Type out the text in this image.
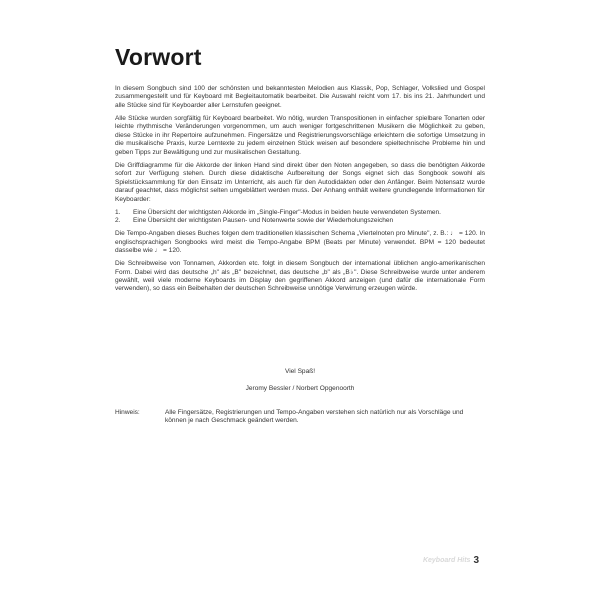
Vorwort

In diesem Songbuch sind 100 der schönsten und bekanntesten Melodien aus Klassik, Pop, Schlager, Volkslied und Gospel zusammengestellt und für Keyboard mit Begleitautomatik bearbeitet. Die Auswahl reicht vom 17. bis ins 21. Jahrhundert und alle Stücke sind für Keyboarder aller Lernstufen geeignet.

Alle Stücke wurden sorgfältig für Keyboard bearbeitet. Wo nötig, wurden Transpositionen in einfacher spielbare Tonarten oder leichte rhythmische Veränderungen vorgenommen, um auch weniger fortgeschrittenen Musikern die Möglichkeit zu geben, diese Stücke in ihr Repertoire aufzunehmen. Fingersätze und Registrierungsvorschläge erleichtern die sofortige Umsetzung in die musikalische Praxis, kurze Lerntexte zu jedem einzelnen Stück weisen auf besondere spieltechnische Probleme hin und geben Tipps zur Bewältigung und zur musikalischen Gestaltung.

Die Griffdiagramme für die Akkorde der linken Hand sind direkt über den Noten angegeben, so dass die benötigten Akkorde sofort zur Verfügung stehen. Durch diese didaktische Aufbereitung der Songs eignet sich das Songbook sowohl als Spielstücksammlung für den Einsatz im Unterricht, als auch für den Autodidakten oder den Anfänger. Beim Notensatz wurde darauf geachtet, dass möglichst selten umgeblättert werden muss. Der Anhang enthält weitere grundlegende Informationen für Keyboarder:

1.	Eine Übersicht der wichtigsten Akkorde im „Single-Finger"-Modus in beiden heute verwendeten Systemen.
2.	Eine Übersicht der wichtigsten Pausen- und Notenwerte sowie der Wiederholungszeichen

Die Tempo-Angaben dieses Buches folgen dem traditionellen klassischen Schema „Viertelnoten pro Minute", z. B.: ♩ = 120. In englischsprachigen Songbooks wird meist die Tempo-Angabe BPM (Beats per Minute) verwendet. BPM = 120 bedeutet dasselbe wie ♩ = 120.

Die Schreibweise von Tonnamen, Akkorden etc. folgt in diesem Songbuch der international üblichen anglo-amerikanischen Form. Dabei wird das deutsche „h" als „B" bezeichnet, das deutsche „b" als „B♭". Diese Schreibweise wurde unter anderem gewählt, weil viele moderne Keyboards im Display den gegriffenen Akkord anzeigen (und dafür die internationale Form verwenden), so dass ein Beibehalten der deutschen Schreibweise unnötige Verwirrung erzeugen würde.

Viel Spaß!
Jeromy Bessler / Norbert Opgenoorth
Hinweis:	Alle Fingersätze, Registrierungen und Tempo-Angaben verstehen sich natürlich nur als Vorschläge und können je nach Geschmack geändert werden.
Keyboard Hits 3
